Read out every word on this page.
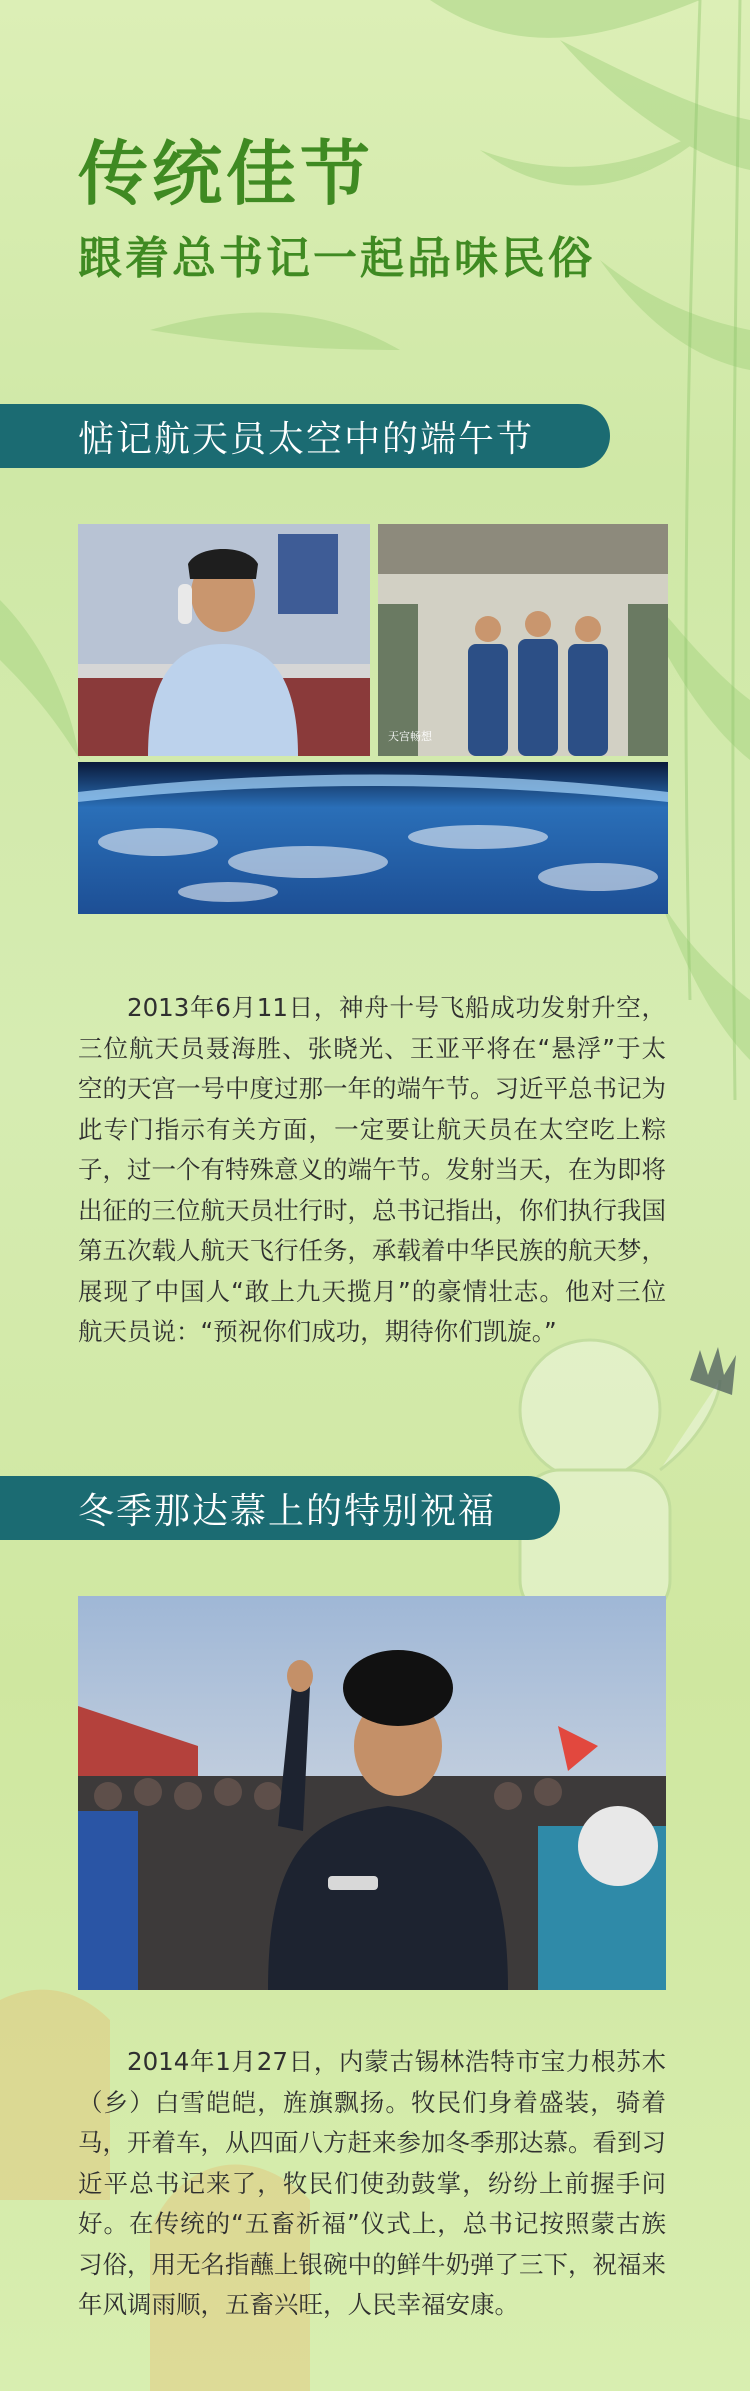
传统佳节
跟着总书记一起品味民俗
惦记航天员太空中的端午节
天宫畅想
2013年6月11日，神舟十号飞船成功发射升空，三位航天员聂海胜、张晓光、王亚平将在“悬浮”于太空的天宫一号中度过那一年的端午节。习近平总书记为此专门指示有关方面，一定要让航天员在太空吃上粽子，过一个有特殊意义的端午节。发射当天，在为即将出征的三位航天员壮行时，总书记指出，你们执行我国第五次载人航天飞行任务，承载着中华民族的航天梦，展现了中国人“敢上九天揽月”的豪情壮志。他对三位航天员说：“预祝你们成功，期待你们凯旋。”
冬季那达慕上的特别祝福
2014年1月27日，内蒙古锡林浩特市宝力根苏木（乡）白雪皑皑，旌旗飘扬。牧民们身着盛装，骑着马，开着车，从四面八方赶来参加冬季那达慕。看到习近平总书记来了，牧民们使劲鼓掌，纷纷上前握手问好。在传统的“五畜祈福”仪式上，总书记按照蒙古族习俗，用无名指蘸上银碗中的鲜牛奶弹了三下，祝福来年风调雨顺，五畜兴旺，人民幸福安康。
